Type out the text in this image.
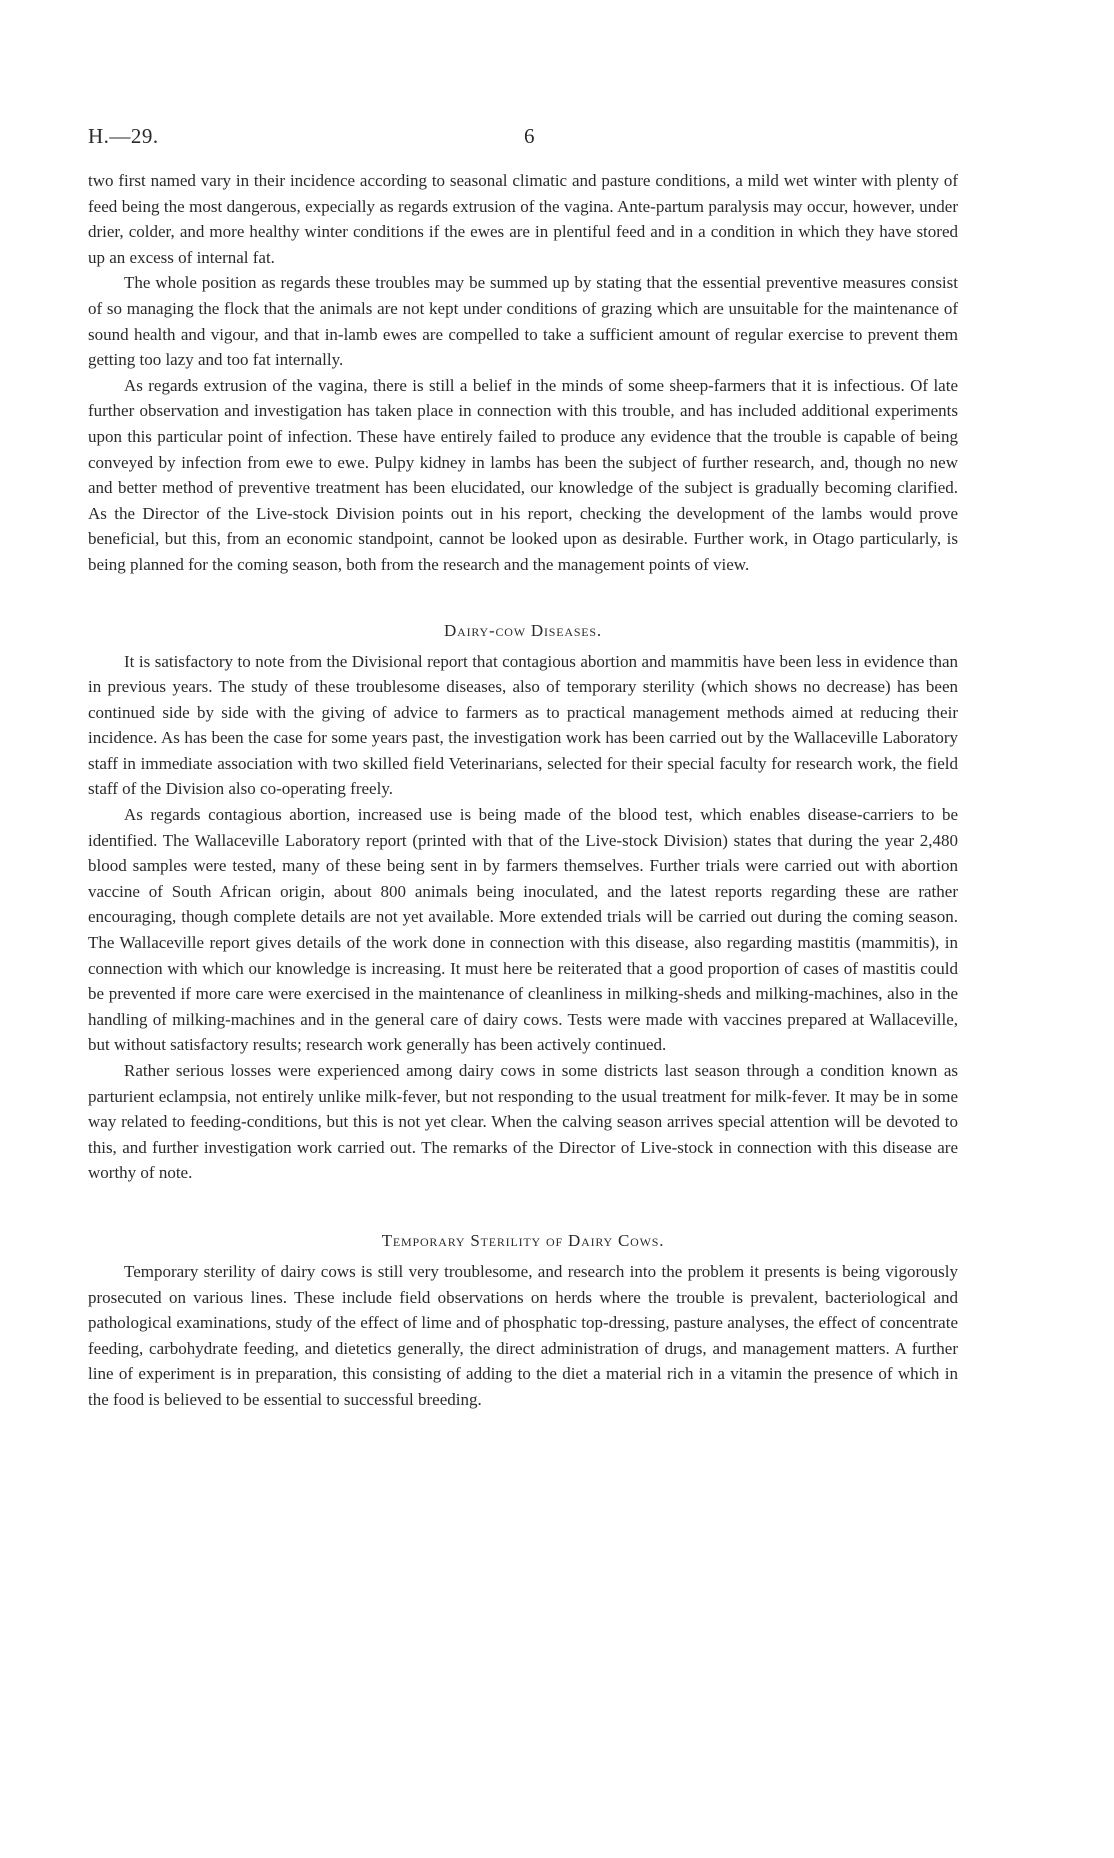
H.—29.	6

two first named vary in their incidence according to seasonal climatic and pasture conditions, a mild wet winter with plenty of feed being the most dangerous, expecially as regards extrusion of the vagina. Ante-partum paralysis may occur, however, under drier, colder, and more healthy winter conditions if the ewes are in plentiful feed and in a condition in which they have stored up an excess of internal fat.

The whole position as regards these troubles may be summed up by stating that the essential preventive measures consist of so managing the flock that the animals are not kept under conditions of grazing which are unsuitable for the maintenance of sound health and vigour, and that in-lamb ewes are compelled to take a sufficient amount of regular exercise to prevent them getting too lazy and too fat internally.

As regards extrusion of the vagina, there is still a belief in the minds of some sheep-farmers that it is infectious. Of late further observation and investigation has taken place in connection with this trouble, and has included additional experiments upon this particular point of infection. These have entirely failed to produce any evidence that the trouble is capable of being conveyed by infection from ewe to ewe. Pulpy kidney in lambs has been the subject of further research, and, though no new and better method of preventive treatment has been elucidated, our knowledge of the subject is gradually becoming clarified. As the Director of the Live-stock Division points out in his report, checking the development of the lambs would prove beneficial, but this, from an economic standpoint, cannot be looked upon as desirable. Further work, in Otago particularly, is being planned for the coming season, both from the research and the management points of view.

Dairy-cow Diseases.

It is satisfactory to note from the Divisional report that contagious abortion and mammitis have been less in evidence than in previous years. The study of these troublesome diseases, also of temporary sterility (which shows no decrease) has been continued side by side with the giving of advice to farmers as to practical management methods aimed at reducing their incidence. As has been the case for some years past, the investigation work has been carried out by the Wallaceville Laboratory staff in immediate association with two skilled field Veterinarians, selected for their special faculty for research work, the field staff of the Division also co-operating freely.

As regards contagious abortion, increased use is being made of the blood test, which enables disease-carriers to be identified. The Wallaceville Laboratory report (printed with that of the Live-stock Division) states that during the year 2,480 blood samples were tested, many of these being sent in by farmers themselves. Further trials were carried out with abortion vaccine of South African origin, about 800 animals being inoculated, and the latest reports regarding these are rather encouraging, though complete details are not yet available. More extended trials will be carried out during the coming season. The Wallaceville report gives details of the work done in connection with this disease, also regarding mastitis (mammitis), in connection with which our knowledge is increasing. It must here be reiterated that a good proportion of cases of mastitis could be prevented if more care were exercised in the maintenance of cleanliness in milking-sheds and milking-machines, also in the handling of milking-machines and in the general care of dairy cows. Tests were made with vaccines prepared at Wallaceville, but without satisfactory results; research work generally has been actively continued.

Rather serious losses were experienced among dairy cows in some districts last season through a condition known as parturient eclampsia, not entirely unlike milk-fever, but not responding to the usual treatment for milk-fever. It may be in some way related to feeding-conditions, but this is not yet clear. When the calving season arrives special attention will be devoted to this, and further investigation work carried out. The remarks of the Director of Live-stock in connection with this disease are worthy of note.

Temporary Sterility of Dairy Cows.

Temporary sterility of dairy cows is still very troublesome, and research into the problem it presents is being vigorously prosecuted on various lines. These include field observations on herds where the trouble is prevalent, bacteriological and pathological examinations, study of the effect of lime and of phosphatic top-dressing, pasture analyses, the effect of concentrate feeding, carbohydrate feeding, and dietetics generally, the direct administration of drugs, and management matters. A further line of experiment is in preparation, this consisting of adding to the diet a material rich in a vitamin the presence of which in the food is believed to be essential to successful breeding.
